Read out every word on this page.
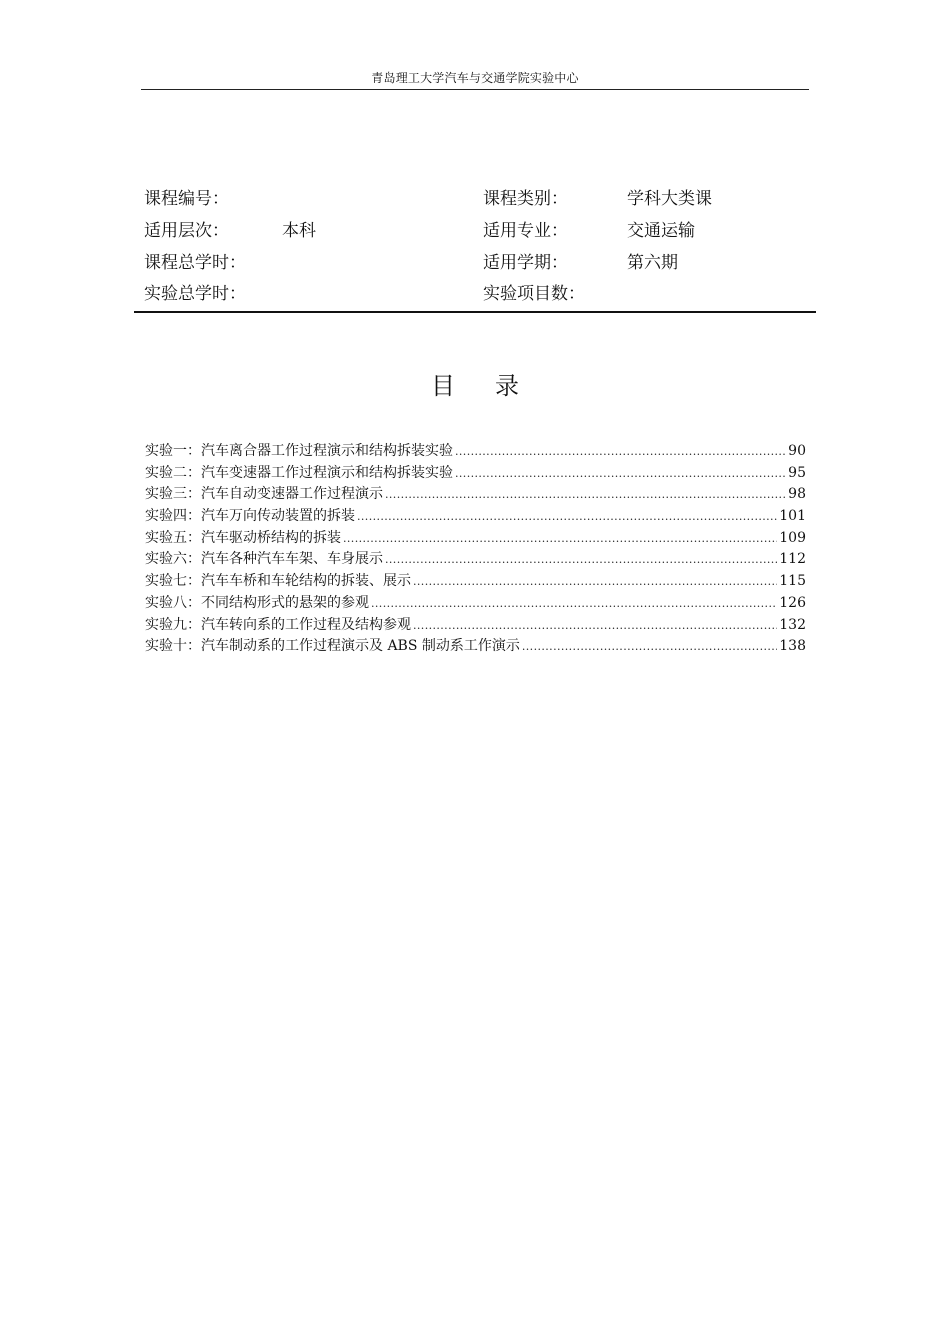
青岛理工大学汽车与交通学院实验中心
课程编号：	课程类别：	学科大类课
适用层次：	本科	适用专业：	交通运输
课程总学时：	适用学期：	第六期
实验总学时：	实验项目数：
目录
实验一：汽车离合器工作过程演示和结构拆装实验 .....	90
实验二：汽车变速器工作过程演示和结构拆装实验 .....	95
实验三：汽车自动变速器工作过程演示 .....	98
实验四：汽车万向传动装置的拆装 .....	101
实验五：汽车驱动桥结构的拆装 .....	109
实验六：汽车各种汽车车架、车身展示 .....	112
实验七：汽车车桥和车轮结构的拆装、展示 .....	115
实验八：不同结构形式的悬架的参观 .....	126
实验九：汽车转向系的工作过程及结构参观 .....	132
实验十：汽车制动系的工作过程演示及 ABS 制动系工作演示 .....	138
